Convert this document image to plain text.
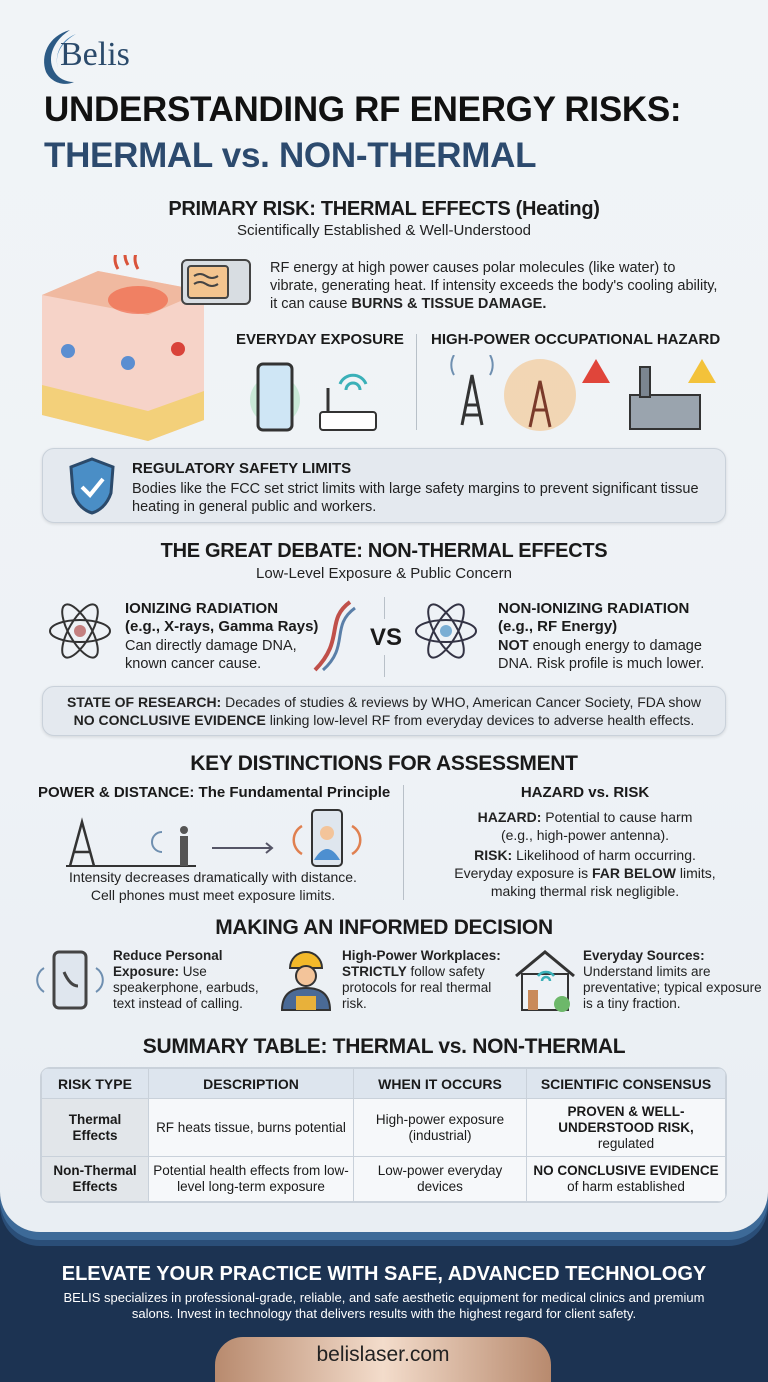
Belis
UNDERSTANDING RF ENERGY RISKS:
THERMAL vs. NON-THERMAL
PRIMARY RISK: THERMAL EFFECTS (Heating)
Scientifically Established & Well-Understood
RF energy at high power causes polar molecules (like water) to vibrate, generating heat. If intensity exceeds the body's cooling ability, it can cause BURNS & TISSUE DAMAGE.
EVERYDAY EXPOSURE HIGH-POWER OCCUPATIONAL HAZARD
REGULATORY SAFETY LIMITS
Bodies like the FCC set strict limits with large safety margins to prevent significant tissue heating in general public and workers.
THE GREAT DEBATE: NON-THERMAL EFFECTS
Low-Level Exposure & Public Concern
IONIZING RADIATION
(e.g., X-rays, Gamma Rays)
Can directly damage DNA, known cancer cause.
VS
NON-IONIZING RADIATION
(e.g., RF Energy)
NOT enough energy to damage DNA. Risk profile is much lower.
STATE OF RESEARCH: Decades of studies & reviews by WHO, American Cancer Society, FDA show
NO CONCLUSIVE EVIDENCE linking low-level RF from everyday devices to adverse health effects.
KEY DISTINCTIONS FOR ASSESSMENT
POWER & DISTANCE: The Fundamental Principle
Intensity decreases dramatically with distance.
Cell phones must meet exposure limits.
HAZARD vs. RISK
HAZARD: Potential to cause harm
(e.g., high-power antenna).
RISK: Likelihood of harm occurring.
Everyday exposure is FAR BELOW limits,
making thermal risk negligible.
MAKING AN INFORMED DECISION
Reduce Personal Exposure: Use speakerphone, earbuds, text instead of calling.
High-Power Workplaces: STRICTLY follow safety protocols for real thermal risk.
Everyday Sources: Understand limits are preventative; typical exposure is a tiny fraction.
SUMMARY TABLE: THERMAL vs. NON-THERMAL
RISK TYPE	DESCRIPTION	WHEN IT OCCURS	SCIENTIFIC CONSENSUS
Thermal Effects	RF heats tissue, burns potential	High-power exposure (industrial)	PROVEN & WELL-UNDERSTOOD RISK,
regulated
Non-Thermal Effects	Potential health effects from low-level long-term exposure	Low-power everyday devices	NO CONCLUSIVE EVIDENCE
of harm established
ELEVATE YOUR PRACTICE WITH SAFE, ADVANCED TECHNOLOGY
BELIS specializes in professional-grade, reliable, and safe aesthetic equipment for medical clinics and premium salons. Invest in technology that delivers results with the highest regard for client safety.
belislaser.com
